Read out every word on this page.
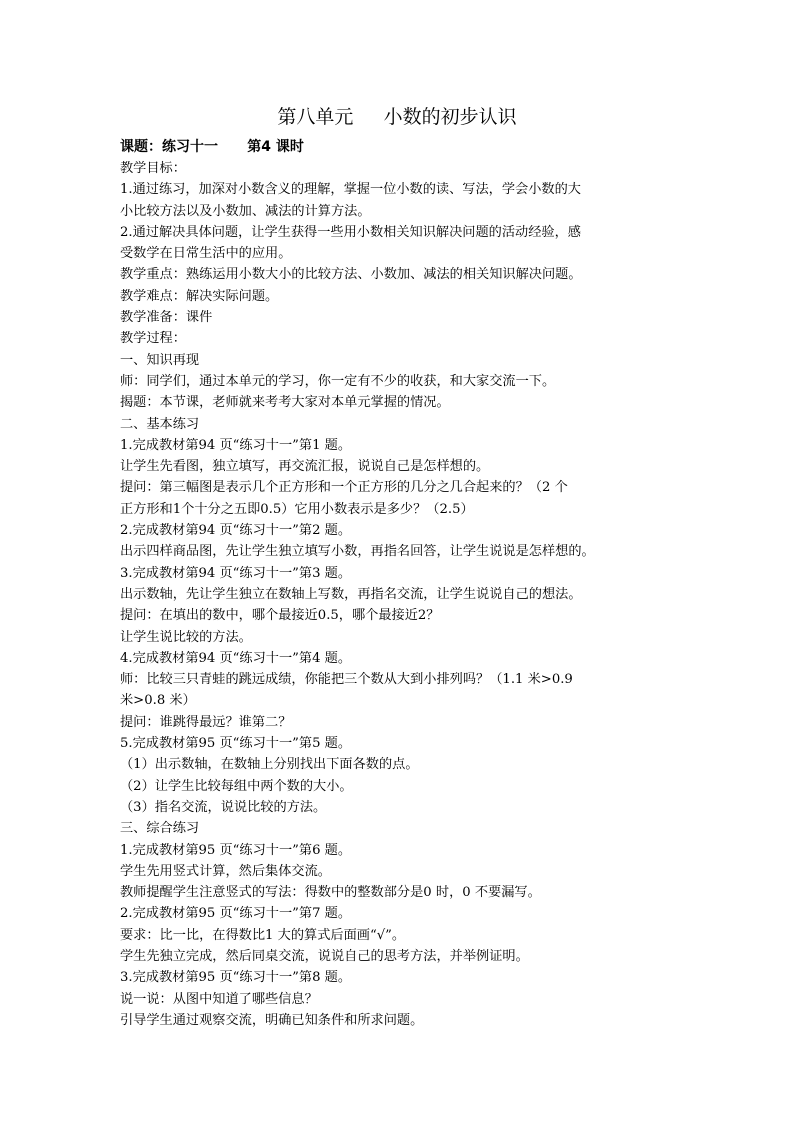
第八单元     小数的初步认识
课题：练习十一      第4 课时

教学目标：

1.通过练习，加深对小数含义的理解，掌握一位小数的读、写法，学会小数的大

小比较方法以及小数加、减法的计算方法。

2.通过解决具体问题，让学生获得一些用小数相关知识解决问题的活动经验，感

受数学在日常生活中的应用。

教学重点：熟练运用小数大小的比较方法、小数加、减法的相关知识解决问题。

教学难点：解决实际问题。

教学准备：课件

教学过程：

一、知识再现

师：同学们，通过本单元的学习，你一定有不少的收获，和大家交流一下。

揭题：本节课，老师就来考考大家对本单元掌握的情况。

二、基本练习

1.完成教材第94 页“练习十一”第1 题。

让学生先看图，独立填写，再交流汇报，说说自己是怎样想的。

提问：第三幅图是表示几个正方形和一个正方形的几分之几合起来的？（2 个

正方形和1个十分之五即0.5）它用小数表示是多少？（2.5）

2.完成教材第94 页“练习十一”第2 题。

出示四样商品图，先让学生独立填写小数，再指名回答，让学生说说是怎样想的。

3.完成教材第94 页“练习十一”第3 题。

出示数轴，先让学生独立在数轴上写数，再指名交流，让学生说说自己的想法。

提问：在填出的数中，哪个最接近0.5，哪个最接近2？

让学生说比较的方法。

4.完成教材第94 页“练习十一”第4 题。

师：比较三只青蛙的跳远成绩，你能把三个数从大到小排列吗？（1.1 米>0.9

米>0.8 米）

提问：谁跳得最远？谁第二？

5.完成教材第95 页“练习十一”第5 题。

（1）出示数轴，在数轴上分别找出下面各数的点。

（2）让学生比较每组中两个数的大小。

（3）指名交流，说说比较的方法。

三、综合练习

1.完成教材第95 页“练习十一”第6 题。

学生先用竖式计算，然后集体交流。

教师提醒学生注意竖式的写法：得数中的整数部分是0 时，0 不要漏写。

2.完成教材第95 页“练习十一”第7 题。

要求：比一比，在得数比1 大的算式后面画“√”。

学生先独立完成，然后同桌交流，说说自己的思考方法，并举例证明。

3.完成教材第95 页“练习十一”第8 题。

说一说：从图中知道了哪些信息？

引导学生通过观察交流，明确已知条件和所求问题。
